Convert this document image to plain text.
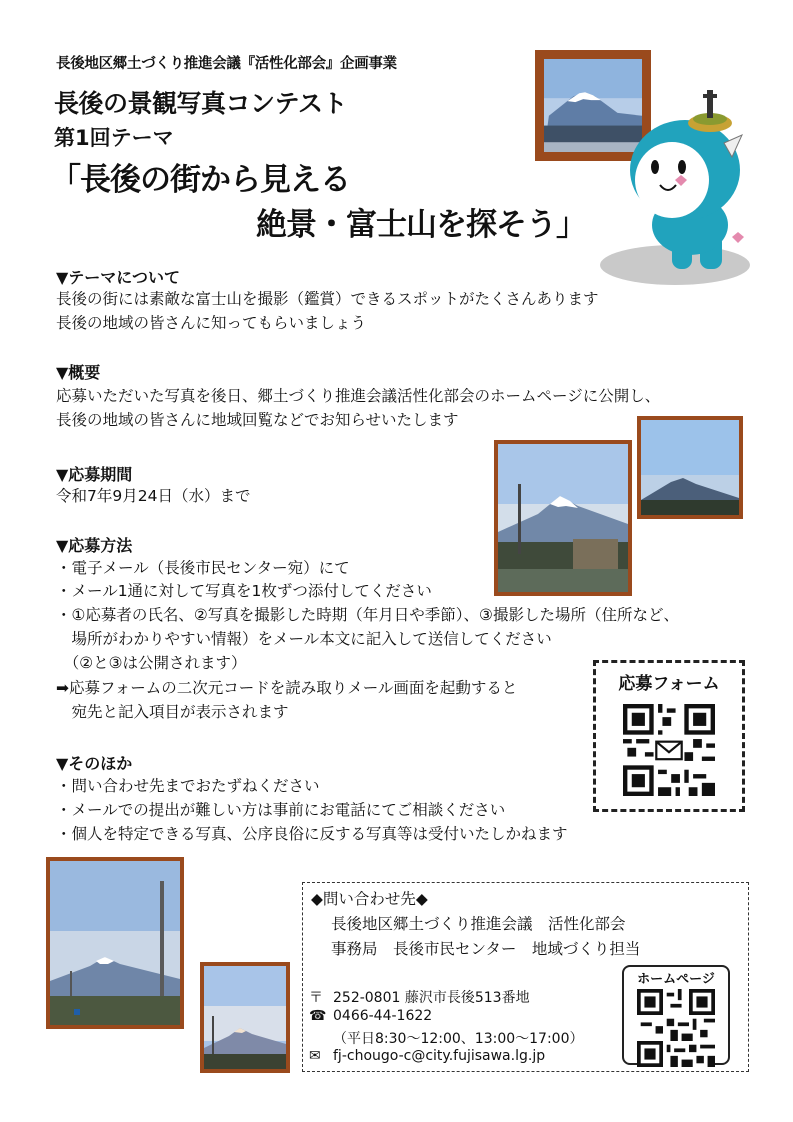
長後地区郷土づくり推進会議『活性化部会』企画事業
長後の景観写真コンテスト
第1回テーマ
「長後の街から見える
絶景・富士山を探そう」
▼テーマについて
長後の街には素敵な富士山を撮影（鑑賞）できるスポットがたくさんあります
長後の地域の皆さんに知ってもらいましょう
▼概要
応募いただいた写真を後日、郷土づくり推進会議活性化部会のホームページに公開し、
長後の地域の皆さんに地域回覧などでお知らせいたします
▼応募期間
令和7年9月24日（水）まで
▼応募方法
・電子メール（長後市民センター宛）にて
・メール1通に対して写真を1枚ずつ添付してください
・①応募者の氏名、②写真を撮影した時期（年月日や季節）、③撮影した場所（住所など、
　場所がわかりやすい情報）をメール本文に記入して送信してください
　（②と③は公開されます）
➡応募フォームの二次元コードを読み取りメール画面を起動すると
　宛先と記入項目が表示されます
応募フォーム
▼そのほか
・問い合わせ先までおたずねください
・メールでの提出が難しい方は事前にお電話にてご相談ください
・個人を特定できる写真、公序良俗に反する写真等は受付いたしかねます
◆問い合わせ先◆
長後地区郷土づくり推進会議　活性化部会
事務局　長後市民センター　地域づくり担当
〒 252-0801 藤沢市長後513番地
☎ 0466-44-1622
（平日8:30～12:00、13:00～17:00）
✉ fj-chougo-c@city.fujisawa.lg.jp
ホームページ
